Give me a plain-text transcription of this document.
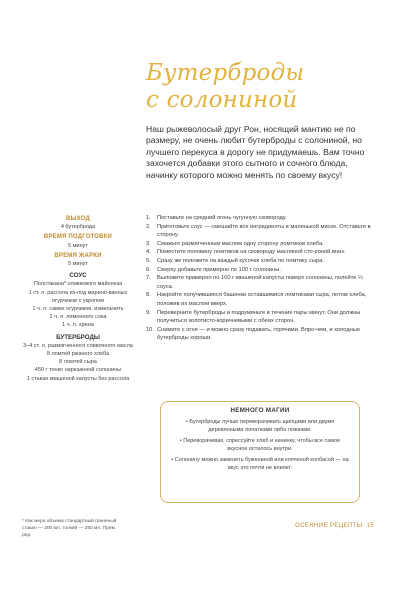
Бутерброды
с солониной
Наш рыжеволосый друг Рон, носящий мантию не по размеру, не очень любит бутерброды с солониной, но лучшего перекуса в дорогу не придумаешь. Вам точно захочется добавки этого сытного и сочного блюда, начинку которого можно менять по своему вкусу!
ВЫХОД
4 бутерброда
ВРЕМЯ ПОДГОТОВКИ
5 минут
ВРЕМЯ ЖАРКИ
5 минут
СОУС
Полстакана* оливкового майонеза
1 ст. л. рассола из-под марино-ванных огурчиков с укропом
1 ч. л. самих огурчиков, измельчить
1 ч. л. лимонного сока
1 ч. л. хрена
БУТЕРБРОДЫ
3–4 ст. л. размягченного сливочного масла
8 ломтей ржаного хлеба
8 ломтей сыра
450 г тонко нарезанной солонины
1 стакан квашеной капусты без рассола
1. Поставьте на средний огонь чугунную сковороду.
2. Приготовьте соус — смешайте все ингредиенты в маленькой миске. Отставьте в сторону.
3. Смажьте размягченным маслом одну сторону ломтиков хлеба.
4. Поместите половину ломтиков на сковороду масляной сто-роной вниз.
5. Сразу же положите на каждый кусочек хлеба по ломтику сыра.
6. Сверху добавьте примерно по 100 г солонины.
7. Выложите примерно по 100 г квашеной капусты поверх солонины, полейте ¼ соуса.
8. Накройте получившиеся башенки оставшимися ломтиками сыра, потом хлеба, положив их маслом вверх.
9. Переверните бутерброды и подрумяньте в течение пары минут. Они должны получиться золотисто-коричневыми с обеих сторон.
10. Снимите с огня — и можно сразу подавать, горячими. Впро-чем, и холодные бутерброды хороши.
НЕМНОГО МАГИИ

• Бутерброды лучше переворачивать щипцами или двумя деревянными лопатками либо ложками.

• Переворачивая, спрессуйте хлеб и начинку, чтобы все самое вкусное осталось внутри.

• Солонину можно заменить бужениной или копченой колбасой — на вкус это почти не влияет.

* Как мера объема стандартный граненый стакан — 200 мл, тонкий — 250 мл. Прим. ред.
ОСЕННИЕ РЕЦЕПТЫ 15
